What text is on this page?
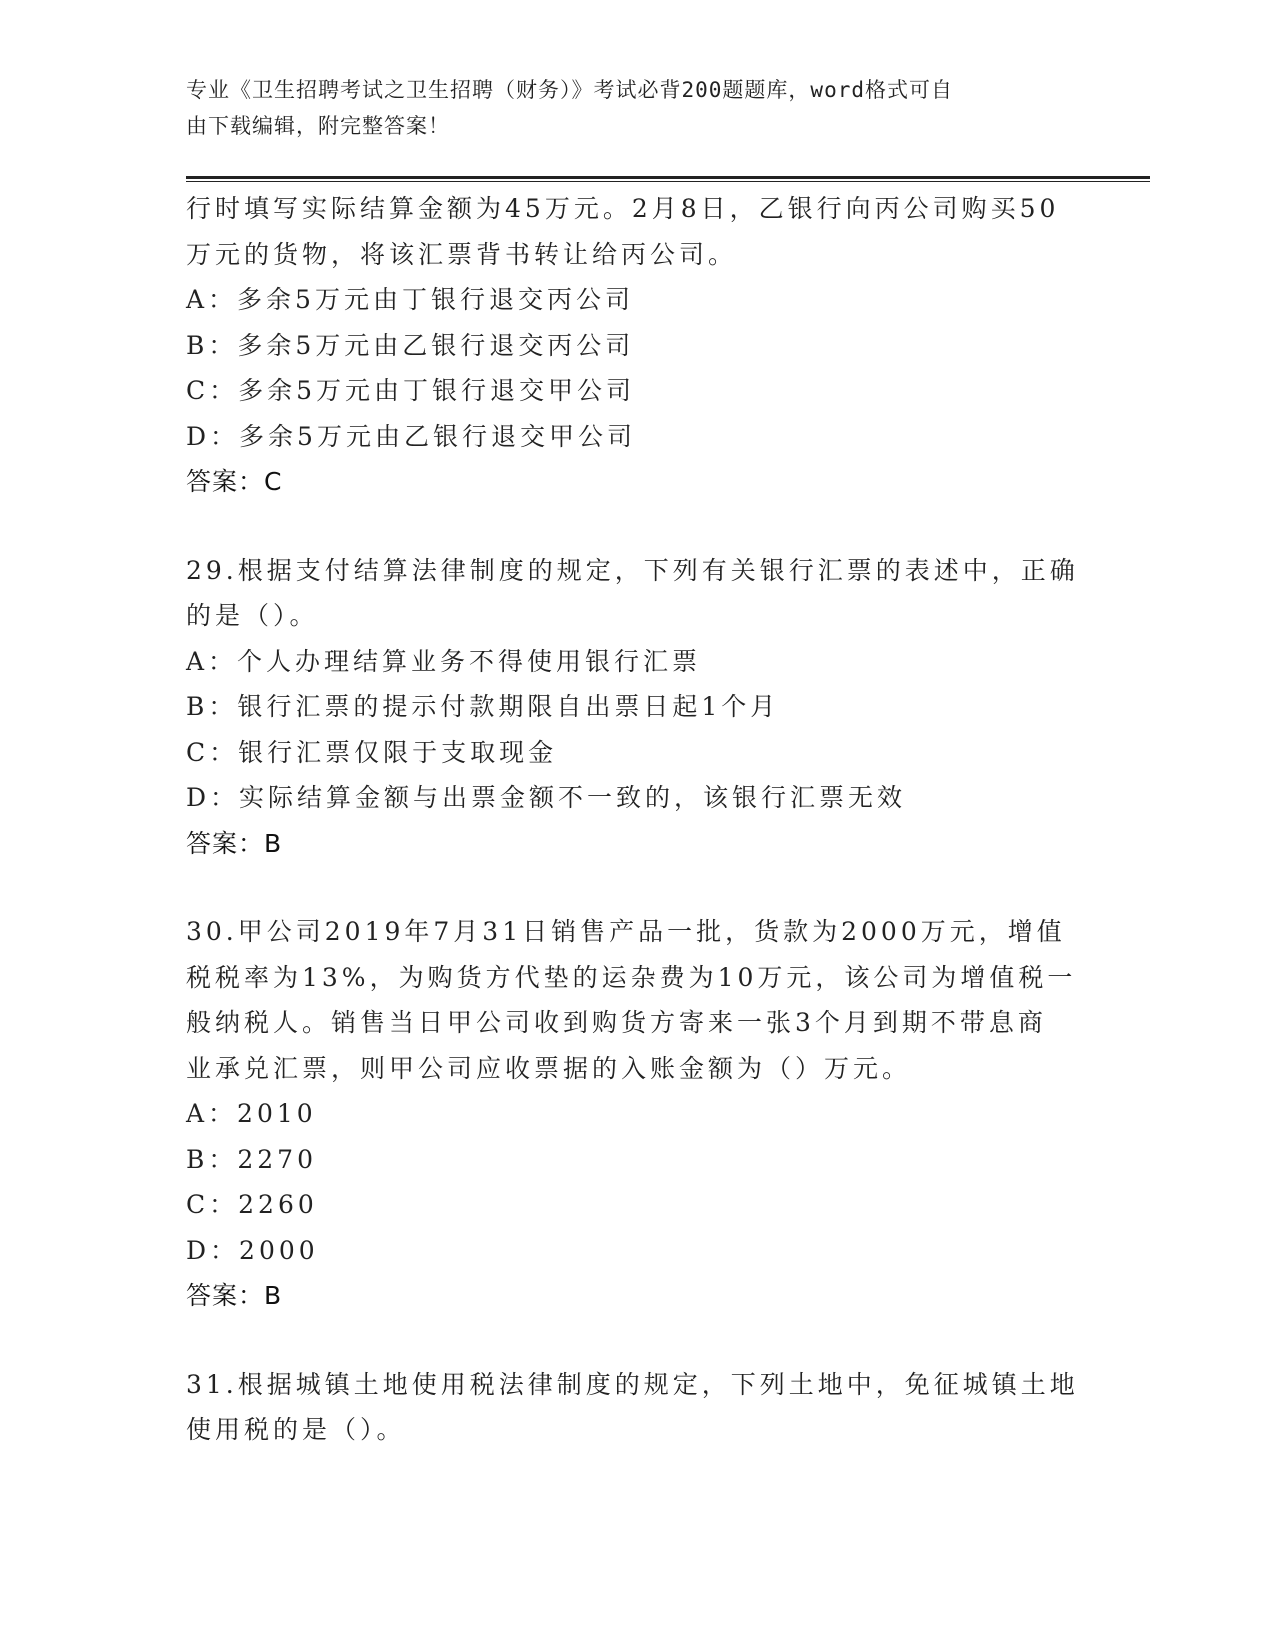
专业《卫生招聘考试之卫生招聘（财务）》考试必背200题题库，word格式可自
由下载编辑，附完整答案！
行时填写实际结算金额为45万元。2月8日，乙银行向丙公司购买50
万元的货物，将该汇票背书转让给丙公司。
A：多余5万元由丁银行退交丙公司
B：多余5万元由乙银行退交丙公司
C：多余5万元由丁银行退交甲公司
D：多余5万元由乙银行退交甲公司
答案：C
29.根据支付结算法律制度的规定，下列有关银行汇票的表述中，正确
的是（）。
A：个人办理结算业务不得使用银行汇票
B：银行汇票的提示付款期限自出票日起1个月
C：银行汇票仅限于支取现金
D：实际结算金额与出票金额不一致的，该银行汇票无效
答案：B
30.甲公司2019年7月31日销售产品一批，货款为2000万元，增值
税税率为13%，为购货方代垫的运杂费为10万元，该公司为增值税一
般纳税人。销售当日甲公司收到购货方寄来一张3个月到期不带息商
业承兑汇票，则甲公司应收票据的入账金额为（）万元。
A：2010
B：2270
C：2260
D：2000
答案：B
31.根据城镇土地使用税法律制度的规定，下列土地中，免征城镇土地
使用税的是（）。
